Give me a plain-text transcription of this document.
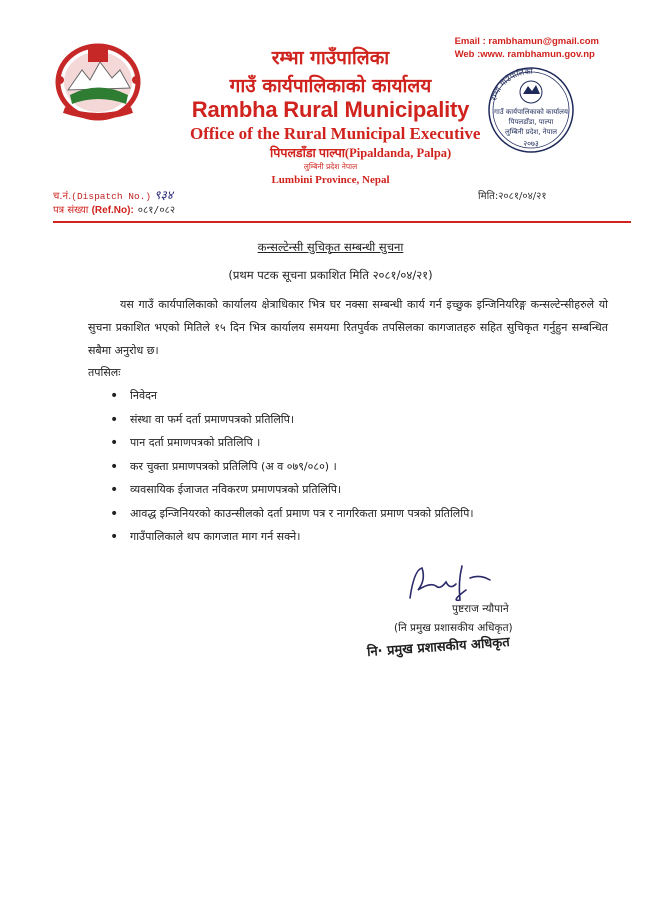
Email : rambhamun@gmail.com
Web :www. rambhamun.gov.np
रम्भा गाउँपालिका
गाउँ कार्यपालिकाको कार्यालय
Rambha Rural Municipality
Office of the Rural Municipal Executive
पिपलडाँडा पाल्पा(Pipaldanda, Palpa)
लुम्बिनी प्रदेश नेपाल
Lumbini Province, Nepal
रम्भा गाउँपालिका
गाउँ कार्यपालिकाको कार्यालय
पिपलडाँडा, पाल्पा
लुम्बिनी प्रदेश, नेपाल
२०७३
च.नं.(Dispatch No.) ९३४
पत्र संख्या (Ref.No): ०८१/०८२
मिति:२०८१/०४/२१
कन्सल्टेन्सी सुचिकृत सम्बन्धी सुचना
(प्रथम पटक सूचना प्रकाशित मिति २०८१/०४/२१)
यस गाउँ कार्यपालिकाको कार्यालय क्षेत्राधिकार भित्र घर नक्सा सम्बन्धी कार्य गर्न इच्छुक इन्जिनियरिङ्ग कन्सल्टेन्सीहरुले यो सुचना प्रकाशित भएको मितिले १५ दिन भित्र कार्यालय समयमा रितपुर्वक तपसिलका कागजातहरु सहित सुचिकृत गर्नुहुन सम्बन्धित सबैमा अनुरोध छ।
तपसिलः
• निवेदन
• संस्था वा फर्म दर्ता प्रमाणपत्रको प्रतिलिपि।
• पान दर्ता प्रमाणपत्रको प्रतिलिपि ।
• कर चुक्ता प्रमाणपत्रको प्रतिलिपि (अ व ०७९/०८०) ।
• व्यवसायिक ईजाजत नविकरण प्रमाणपत्रको प्रतिलिपि।
• आवद्ध इन्जिनियरको काउन्सीलको दर्ता प्रमाण पत्र र नागरिकता प्रमाण पत्रको प्रतिलिपि।
• गाउँपालिकाले थप कागजात माग गर्न सक्ने।
पुष्टराज न्यौपाने
(नि प्रमुख प्रशासकीय अधिकृत)
नि· प्रमुख प्रशासकीय अधिकृत
